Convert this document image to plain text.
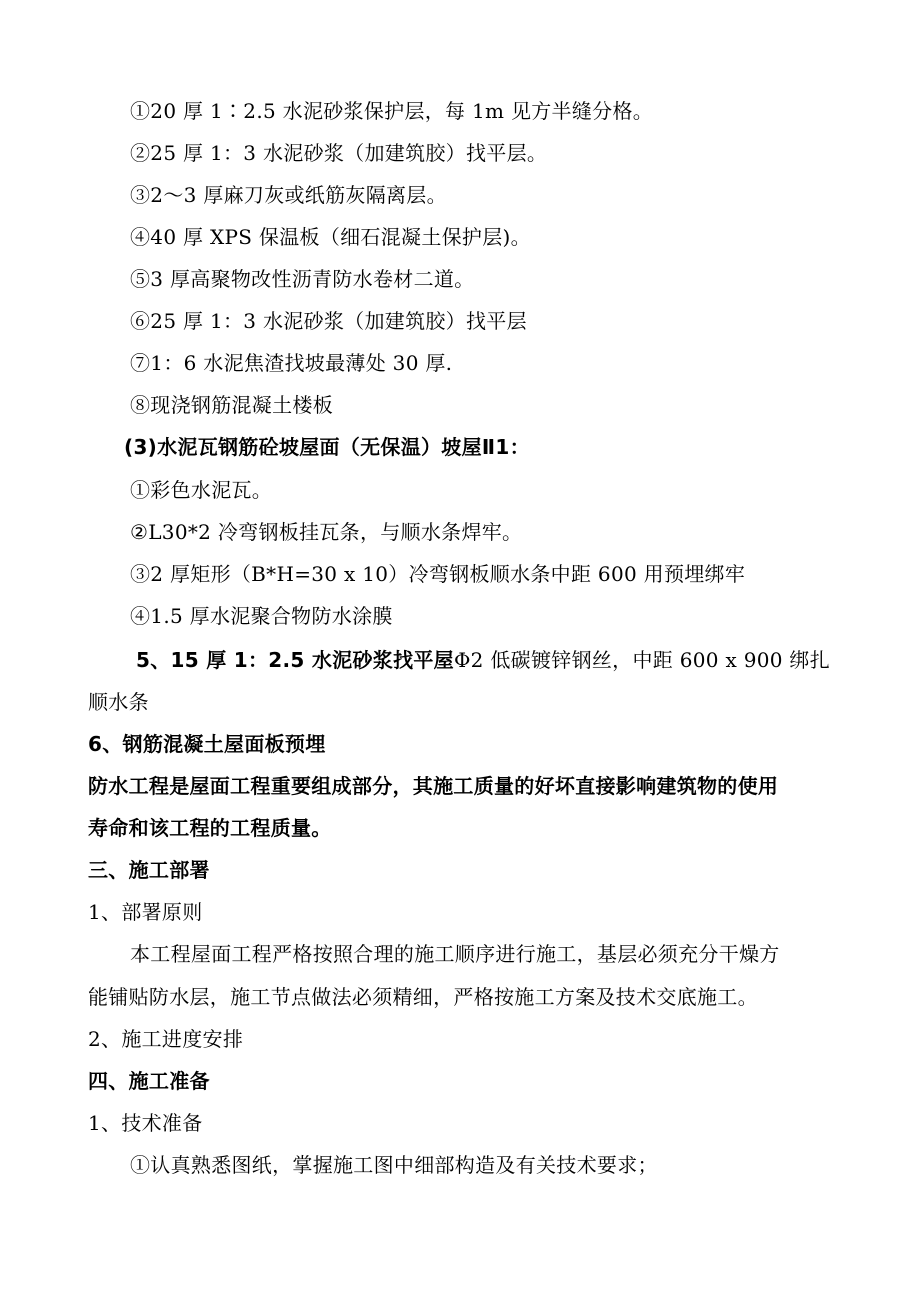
①20 厚 1∶2.5 水泥砂浆保护层，每 1m 见方半缝分格。
②25 厚 1：3 水泥砂浆（加建筑胶）找平层。
③2～3 厚麻刀灰或纸筋灰隔离层。
④40 厚 XPS 保温板（细石混凝土保护层)。
⑤3 厚高聚物改性沥青防水卷材二道。
⑥25 厚 1：3 水泥砂浆（加建筑胶）找平层
⑦1：6 水泥焦渣找坡最薄处 30 厚.
⑧现浇钢筋混凝土楼板
(3)水泥瓦钢筋砼坡屋面（无保温）坡屋Ⅱ1：
①彩色水泥瓦。
②L30*2 冷弯钢板挂瓦条，与顺水条焊牢。
③2 厚矩形（B*H=30 x 10）冷弯钢板顺水条中距 600 用预埋绑牢
④1.5 厚水泥聚合物防水涂膜
5、15 厚 1：2.5 水泥砂浆找平屋Φ2 低碳镀锌钢丝，中距 600 x 900 绑扎
顺水条
6、钢筋混凝土屋面板预埋
防水工程是屋面工程重要组成部分，其施工质量的好坏直接影响建筑物的使用
寿命和该工程的工程质量。
三、施工部署
1、部署原则
本工程屋面工程严格按照合理的施工顺序进行施工，基层必须充分干燥方
能铺贴防水层，施工节点做法必须精细，严格按施工方案及技术交底施工。
2、施工进度安排
四、施工准备
1、技术准备
①认真熟悉图纸，掌握施工图中细部构造及有关技术要求；
